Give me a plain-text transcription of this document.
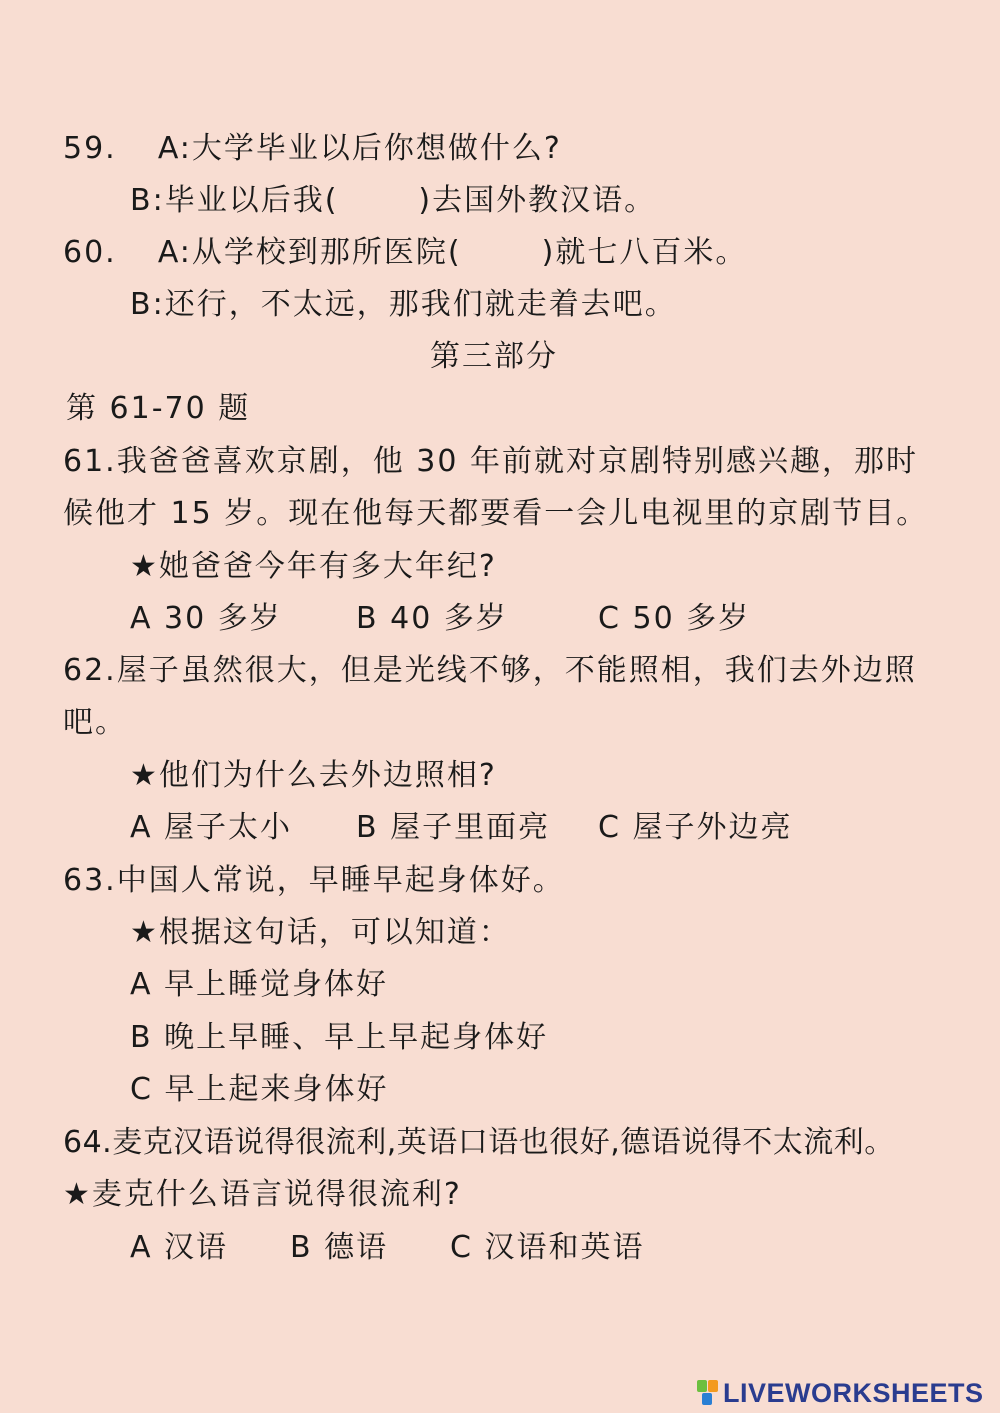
59. A:大学毕业以后你想做什么?
B:毕业以后我(	)去国外教汉语。
60. A:从学校到那所医院(	)就七八百米。
B:还行，不太远，那我们就走着去吧。
第三部分
第 61-70 题
61.我爸爸喜欢京剧，他 30 年前就对京剧特别感兴趣，那时
候他才 15 岁。现在他每天都要看一会儿电视里的京剧节目。
★她爸爸今年有多大年纪?
A 30 多岁 B 40 多岁	C 50 多岁
62.屋子虽然很大，但是光线不够，不能照相，我们去外边照
吧。
★他们为什么去外边照相?
A 屋子太小 B 屋子里面亮 C 屋子外边亮
63.中国人常说，早睡早起身体好。
★根据这句话，可以知道：
A 早上睡觉身体好
B 晚上早睡、早上早起身体好
C 早上起来身体好
64.麦克汉语说得很流利,英语口语也很好,德语说得不太流利。
★麦克什么语言说得很流利?
A 汉语 B 德语 C 汉语和英语
LIVEWORKSHEETS
